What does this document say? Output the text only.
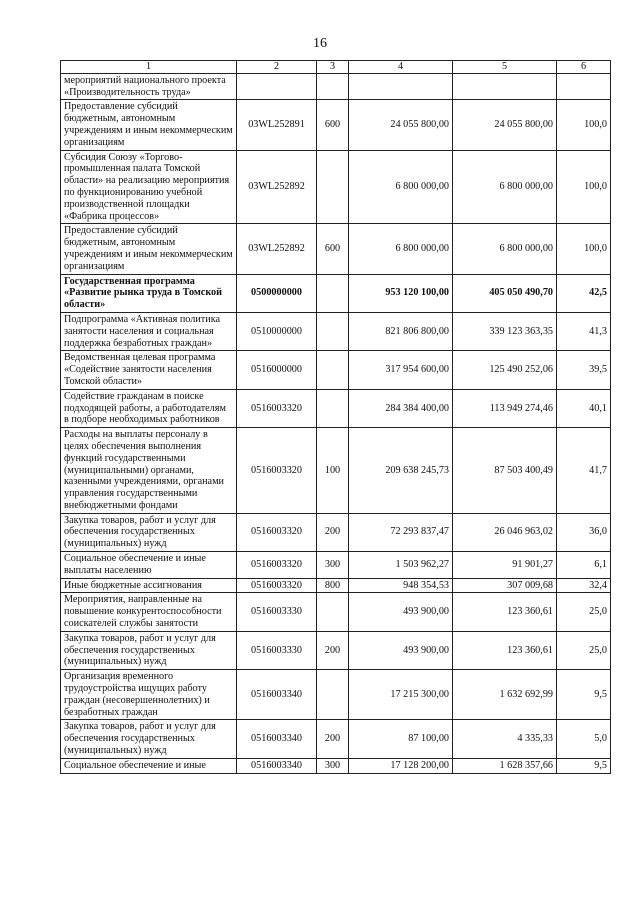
16
1	2	3	4	5	6
мероприятий национального проекта «Производительность труда»					
Предоставление субсидий бюджетным, автономным учреждениям и иным некоммерческим организациям	03WL252891	600	24 055 800,00	24 055 800,00	100,0
Субсидия Союзу «Торгово-промышленная палата Томской области» на реализацию мероприятия по функционированию учебной производственной площадки «Фабрика процессов»	03WL252892		6 800 000,00	6 800 000,00	100,0
Предоставление субсидий бюджетным, автономным учреждениям и иным некоммерческим организациям	03WL252892	600	6 800 000,00	6 800 000,00	100,0
Государственная программа «Развитие рынка труда в Томской области»	0500000000		953 120 100,00	405 050 490,70	42,5
Подпрограмма «Активная политика занятости населения и социальная поддержка безработных граждан»	0510000000		821 806 800,00	339 123 363,35	41,3
Ведомственная целевая программа «Содействие занятости населения Томской области»	0516000000		317 954 600,00	125 490 252,06	39,5
Содействие гражданам в поиске подходящей работы, а работодателям в подборе необходимых работников	0516003320		284 384 400,00	113 949 274,46	40,1
Расходы на выплаты персоналу в целях обеспечения выполнения функций государственными (муниципальными) органами, казенными учреждениями, органами управления государственными внебюджетными фондами	0516003320	100	209 638 245,73	87 503 400,49	41,7
Закупка товаров, работ и услуг для обеспечения государственных (муниципальных) нужд	0516003320	200	72 293 837,47	26 046 963,02	36,0
Социальное обеспечение и иные выплаты населению	0516003320	300	1 503 962,27	91 901,27	6,1
Иные бюджетные ассигнования	0516003320	800	948 354,53	307 009,68	32,4
Мероприятия, направленные на повышение конкурентоспособности соискателей службы занятости	0516003330		493 900,00	123 360,61	25,0
Закупка товаров, работ и услуг для обеспечения государственных (муниципальных) нужд	0516003330	200	493 900,00	123 360,61	25,0
Организация временного трудоустройства ищущих работу граждан (несовершеннолетних) и безработных граждан	0516003340		17 215 300,00	1 632 692,99	9,5
Закупка товаров, работ и услуг для обеспечения государственных (муниципальных) нужд	0516003340	200	87 100,00	4 335,33	5,0
Социальное обеспечение и иные	0516003340	300	17 128 200,00	1 628 357,66	9,5
